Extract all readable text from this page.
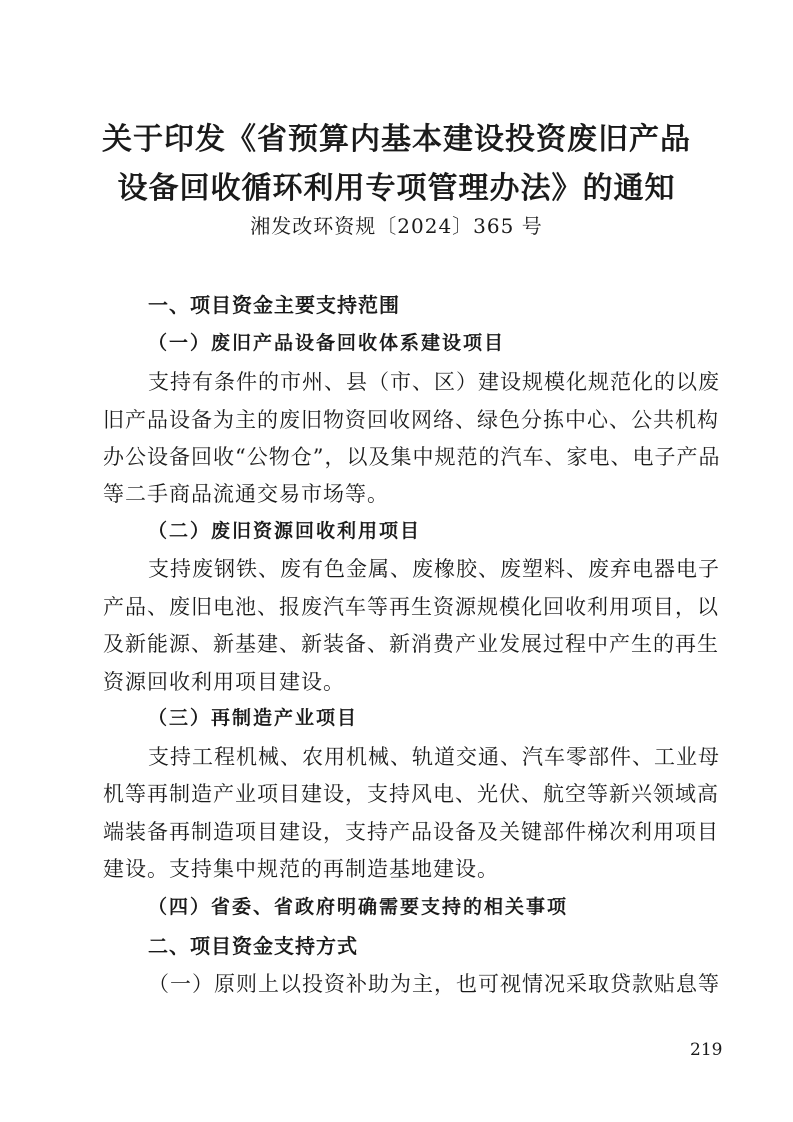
关于印发《省预算内基本建设投资废旧产品
设备回收循环利用专项管理办法》的通知
湘发改环资规〔2024〕365 号
一、项目资金主要支持范围
（一）废旧产品设备回收体系建设项目
支持有条件的市州、县（市、区）建设规模化规范化的以废
旧产品设备为主的废旧物资回收网络、绿色分拣中心、公共机构
办公设备回收“公物仓”，以及集中规范的汽车、家电、电子产品
等二手商品流通交易市场等。
（二）废旧资源回收利用项目
支持废钢铁、废有色金属、废橡胶、废塑料、废弃电器电子
产品、废旧电池、报废汽车等再生资源规模化回收利用项目，以
及新能源、新基建、新装备、新消费产业发展过程中产生的再生
资源回收利用项目建设。
（三）再制造产业项目
支持工程机械、农用机械、轨道交通、汽车零部件、工业母
机等再制造产业项目建设，支持风电、光伏、航空等新兴领域高
端装备再制造项目建设，支持产品设备及关键部件梯次利用项目
建设。支持集中规范的再制造基地建设。
（四）省委、省政府明确需要支持的相关事项
二、项目资金支持方式
（一）原则上以投资补助为主，也可视情况采取贷款贴息等
219
